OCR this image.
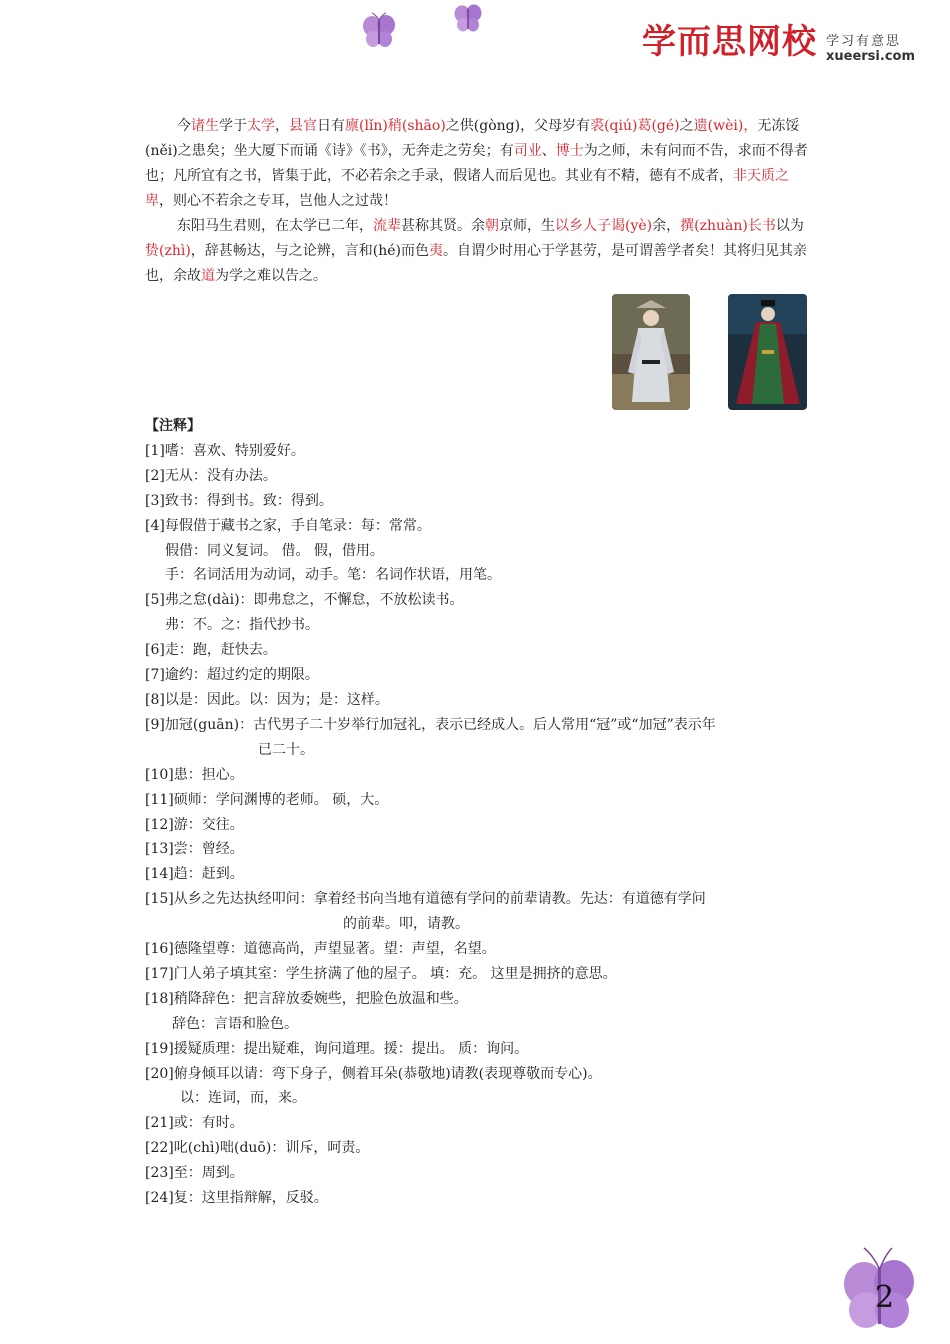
学而思网校 学习有意思
xueersi.com

今诸生学于太学，县官日有廪(lǐn)稍(shāo)之供(gòng)，父母岁有裘(qiú)葛(gé)之遗(wèi)，无冻馁(něi)之患矣；坐大厦下而诵《诗》《书》，无奔走之劳矣；有司业、博士为之师，未有问而不告，求而不得者也；凡所宜有之书，皆集于此，不必若余之手录，假诸人而后见也。其业有不精，德有不成者，非天质之卑，则心不若余之专耳，岂他人之过哉！

东阳马生君则，在太学已二年，流辈甚称其贤。余朝京师，生以乡人子谒(yè)余，撰(zhuàn)长书以为贽(zhì)，辞甚畅达，与之论辨，言和(hé)而色夷。自谓少时用心于学甚劳，是可谓善学者矣！其将归见其亲也，余故道为学之难以告之。

【注释】
[1]嗜：喜欢、特别爱好。
[2]无从：没有办法。
[3]致书：得到书。致：得到。
[4]每假借于藏书之家，手自笔录：每：常常。
假借：同义复词。 借。 假，借用。
手：名词活用为动词，动手。笔：名词作状语，用笔。
[5]弗之怠(dài)：即弗怠之，不懈怠，不放松读书。
弗：不。之：指代抄书。
[6]走：跑，赶快去。
[7]逾约：超过约定的期限。
[8]以是：因此。以：因为；是：这样。
[9]加冠(guān)：古代男子二十岁举行加冠礼，表示已经成人。后人常用“冠”或“加冠”表示年
已二十。
[10]患：担心。
[11]硕师：学问渊博的老师。 硕，大。
[12]游：交往。
[13]尝：曾经。
[14]趋：赶到。
[15]从乡之先达执经叩问：拿着经书向当地有道德有学问的前辈请教。先达：有道德有学问
的前辈。叩，请教。
[16]德隆望尊：道德高尚，声望显著。望：声望，名望。
[17]门人弟子填其室：学生挤满了他的屋子。 填：充。 这里是拥挤的意思。
[18]稍降辞色：把言辞放委婉些，把脸色放温和些。
辞色：言语和脸色。
[19]援疑质理：提出疑难，询问道理。援：提出。 质：询问。
[20]俯身倾耳以请：弯下身子，侧着耳朵(恭敬地)请教(表现尊敬而专心)。
以：连词，而，来。
[21]或：有时。
[22]叱(chì)咄(duō)：训斥，呵责。
[23]至：周到。
[24]复：这里指辩解，反驳。
2
